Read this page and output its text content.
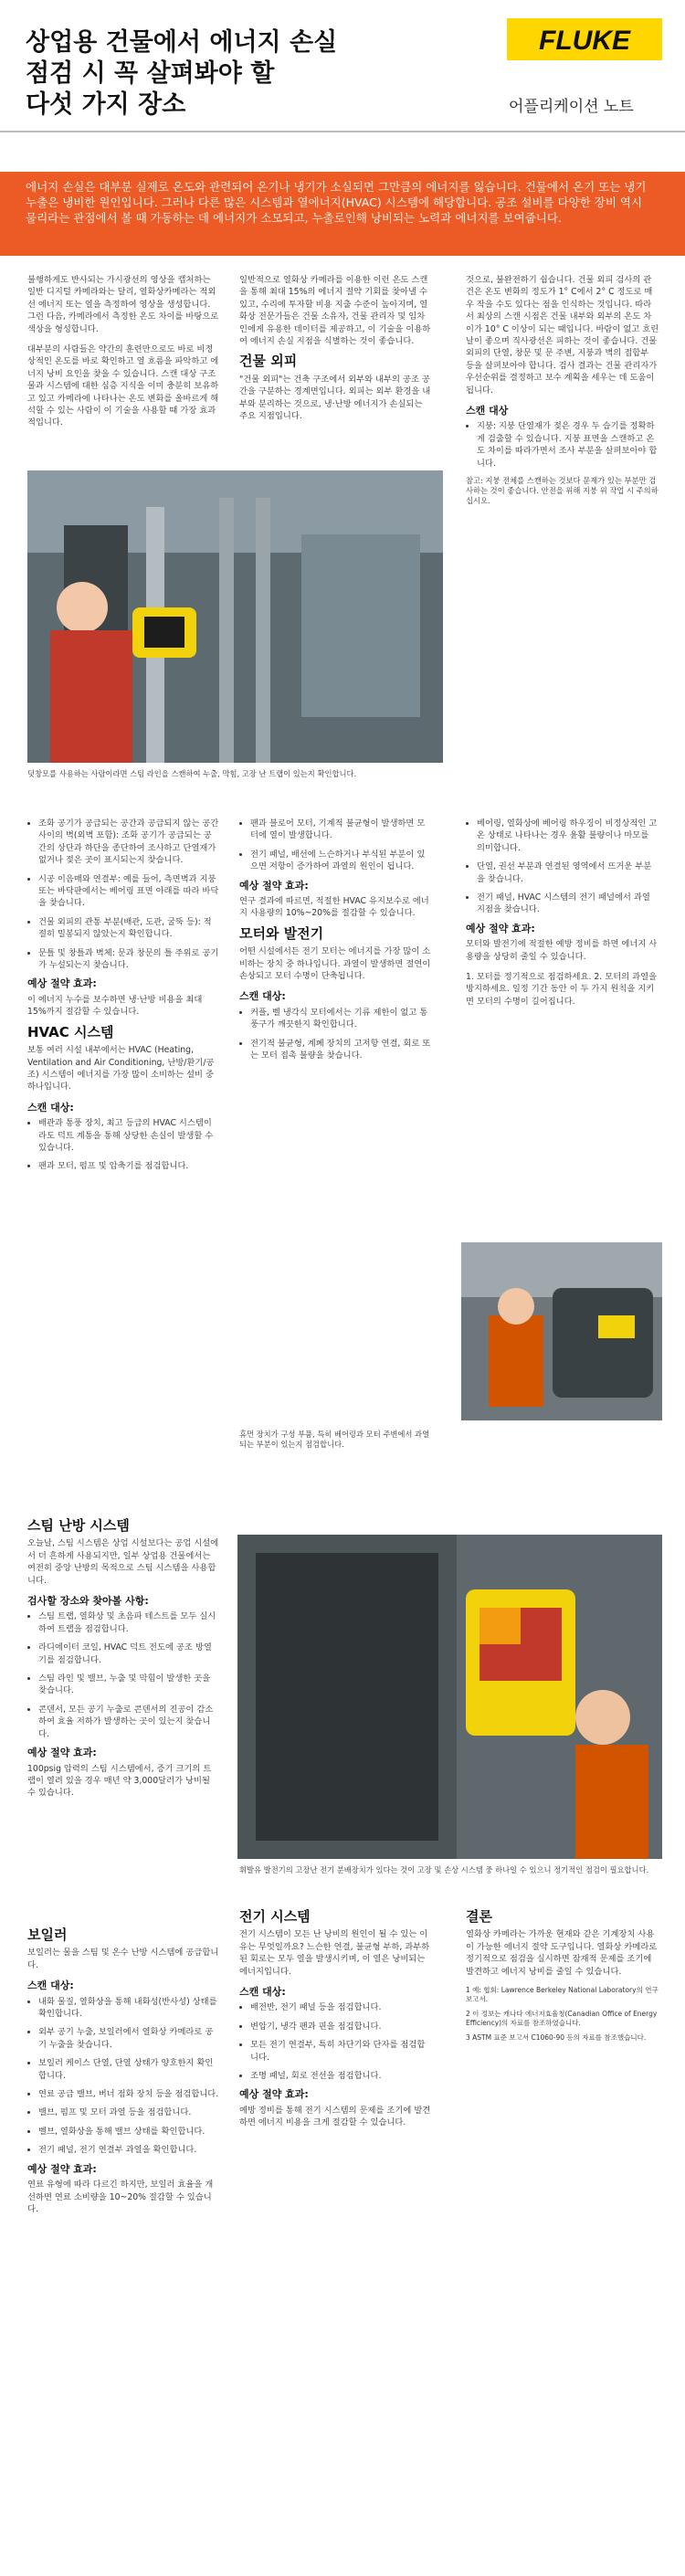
상업용 건물에서 에너지 손실
점검 시 꼭 살펴봐야 할
다섯 가지 장소
FLUKE
어플리케이션 노트
에너지 손실은 대부분 실제로 온도와 관련되어 온기나 냉기가 소실되면 그만큼의 에너지를 잃습니다. 건물에서 온기 또는 냉기 누출은 냉비한 원인입니다. 그러나 다른 많은 시스템과 열에너지(HVAC) 시스템에 해당합니다. 공조 설비를 다양한 장비 역시 물리라는 관점에서 볼 때 가동하는 데 에너지가 소모되고, 누출로인해 낭비되는 노력과 에너지를 보여줍니다.

불행하게도 반사되는 가시광선의 영상을 캡처하는 일반 디지털 카메라와는 달리, 열화상카메라는 적외선 에너지 또는 열을 측정하여 영상을 생성합니다. 그런 다음, 카메라에서 측정한 온도 차이를 바탕으로 색상을 형성합니다.

대부분의 사람들은 약간의 훈련만으로도 바로 비정상적인 온도를 바로 확인하고 열 흐름을 파악하고 에너지 낭비 요인을 찾을 수 있습니다. 스캔 대상 구조물과 시스템에 대한 심층 지식을 이미 충분히 보유하고 있고 카메라에 나타나는 온도 변화를 올바르게 해석할 수 있는 사람이 이 기술을 사용할 때 가장 효과적입니다.

일반적으로 열화상 카메라를 이용한 이런 온도 스캔을 통해 최대 15%의 에너지 절약 기회를 찾아낼 수 있고, 수리에 투자할 비용 지출 수준이 높아지며, 열화상 전문가들은 건물 소유자, 건물 관리자 및 임차인에게 유용한 데이터를 제공하고, 이 기술을 이용하여 에너지 손실 지점을 식별하는 것이 좋습니다.

건물 외피

"건물 외피"는 건축 구조에서 외부와 내부의 공조 공간을 구분하는 경계면입니다. 외피는 외부 환경을 내부와 분리하는 것으로, 냉·난방 에너지가 손실되는 주요 지점입니다.

것으로, 불완전하기 쉽습니다. 건물 외피 검사의 관건은 온도 변화의 정도가 1° C에서 2° C 정도로 매우 작을 수도 있다는 점을 인식하는 것입니다. 따라서 최상의 스캔 시점은 건물 내부와 외부의 온도 차이가 10° C 이상이 되는 때입니다. 바람이 없고 흐린 날이 좋으며 직사광선은 피하는 것이 좋습니다. 건물 외피의 단열, 창문 및 문 주변, 지붕과 벽의 접합부 등을 살펴보아야 합니다. 검사 결과는 건물 관리자가 우선순위를 결정하고 보수 계획을 세우는 데 도움이 됩니다.

스캔 대상
• 지붕: 지붕 단열재가 젖은 경우 두 습기를 정확하게 검출할 수 있습니다. 지붕 표면을 스캔하고 온도 차이를 따라가면서 조사 부분을 살펴보아야 합니다.

참고: 지붕 전체를 스캔하는 것보다 문제가 있는 부분만 검사하는 것이 좋습니다. 안전을 위해 지붕 위 작업 시 주의하십시오.

덧창모를 사용하는 사람이라면 스팀 라인을 스캔하여 누출, 막힘, 고장 난 트랩이 있는지 확인합니다.
• 조화 공기가 공급되는 공간과 공급되지 않는 공간 사이의 벽(외벽 포함): 조화 공기가 공급되는 공간의 상단과 하단을 종단하여 조사하고 단열재가 없거나 젖은 곳이 표시되는지 찾습니다.
• 시공 이음매와 연결부: 예를 들어, 측면벽과 지붕 또는 바닥판에서는 베어링 표면 아래를 따라 바닥을 찾습니다.
• 건물 외피의 관통 부분(배관, 도관, 굴뚝 등): 적절히 밀봉되지 않았는지 확인합니다.
• 문틀 및 창틀과 벽체: 문과 창문의 틀 주위로 공기가 누설되는지 찾습니다.
예상 절약 효과:

이 에너지 누수를 보수하면 냉·난방 비용을 최대 15%까지 절감할 수 있습니다.

HVAC 시스템

보통 여러 시설 내부에서는 HVAC (Heating, Ventilation and Air Conditioning, 난방/환기/공조) 시스템이 에너지를 가장 많이 소비하는 설비 중 하나입니다.

스캔 대상:
• 배관과 통풍 장치, 최고 등급의 HVAC 시스템이라도 덕트 계통을 통해 상당한 손실이 발생할 수 있습니다.
• 팬과 모터, 펌프 및 압축기를 점검합니다.
• 팬과 블로어 모터, 기계적 불균형이 발생하면 모터에 열이 발생합니다.
• 전기 패널, 배선에 느슨하거나 부식된 부분이 있으면 저항이 증가하여 과열의 원인이 됩니다.
예상 절약 효과:

연구 결과에 따르면, 적절한 HVAC 유지보수로 에너지 사용량의 10%~20%를 절감할 수 있습니다.

모터와 발전기

어떤 시설에서든 전기 모터는 에너지를 가장 많이 소비하는 장치 중 하나입니다. 과열이 발생하면 절연이 손상되고 모터 수명이 단축됩니다.

스캔 대상:
• 커플, 벨 냉각식 모터에서는 기류 제한이 없고 통풍구가 깨끗한지 확인합니다.
• 전기적 불균형, 계폐 장치의 고저항 연결, 회로 또는 모터 접촉 불량을 찾습니다.
• 베어링, 열화상에 베어링 하우징이 비정상적인 고온 상태로 나타나는 경우 윤활 불량이나 마모를 의미합니다.
• 단열, 권선 부분과 연결된 영역에서 뜨거운 부분을 찾습니다.
• 전기 패널, HVAC 시스템의 전기 패널에서 과열 지점을 찾습니다.
예상 절약 효과:

모터와 발전기에 적절한 예방 정비를 하면 에너지 사용량을 상당히 줄일 수 있습니다.

1. 모터를 정기적으로 점검하세요. 2. 모터의 과열을 방지하세요. 일정 기간 동안 이 두 가지 원칙을 지키면 모터의 수명이 길어집니다.

휴먼 장치가 구성 부품, 특히 베어링과 모터 주변에서 과열되는 부분이 있는지 점검합니다.
스팀 난방 시스템

오늘날, 스팀 시스템은 상업 시설보다는 공업 시설에서 더 흔하게 사용되지만, 일부 상업용 건물에서는 여전히 중앙 난방의 목적으로 스팀 시스템을 사용합니다.

검사할 장소와 찾아볼 사항:
• 스팀 트랩, 열화상 및 초음파 테스트를 모두 실시하여 트랩을 점검합니다.
• 라디에이터 코일, HVAC 덕트 전도에 공조 방열기를 점검합니다.
• 스팀 라인 및 밸브, 누출 및 막힘이 발생한 곳을 찾습니다.
• 콘덴서, 모든 공기 누출로 콘덴서의 진공이 감소하여 효율 저하가 발생하는 곳이 있는지 찾습니다.
예상 절약 효과:

100psig 압력의 스팀 시스템에서, 증기 크기의 트랩이 열려 있을 경우 매년 약 3,000달러가 낭비될 수 있습니다.

휘발유 발전기의 고장난 전기 분배장치가 있다는 것이 고장 및 손상 시스템 중 하나일 수 있으니 정기적인 점검이 필요합니다.
보일러

보일러는 물을 스팀 및 온수 난방 시스템에 공급합니다.

스캔 대상:
• 내화 물질, 열화상을 통해 내화성(반사성) 상태를 확인합니다.
• 외부 공기 누출, 보일러에서 열화상 카메라로 공기 누출을 찾습니다.
• 보일러 케이스 단열, 단열 상태가 양호한지 확인합니다.
• 연료 공급 밸브, 버너 점화 장치 등을 점검합니다.
• 밸브, 펌프 및 모터 과열 등을 점검합니다.
• 벨브, 열화상을 통해 밸브 상태를 확인합니다.
• 전기 패널, 전기 연결부 과열을 확인합니다.
예상 절약 효과:

연료 유형에 따라 다르긴 하지만, 보일러 효율을 개선하면 연료 소비량을 10~20% 절감할 수 있습니다.

전기 시스템

전기 시스템이 모든 난 낭비의 원인이 될 수 있는 이유는 무엇일까요? 느슨한 연결, 불균형 부하, 과부하된 회로는 모두 열을 발생시키며, 이 열은 낭비되는 에너지입니다.

스캔 대상:
• 배전반, 전기 패널 등을 점검합니다.
• 변압기, 냉각 팬과 핀을 점검합니다.
• 모든 전기 연결부, 특히 차단기와 단자를 점검합니다.
• 조명 패널, 회로 전선을 점검합니다.
예상 절약 효과:

예방 정비를 통해 전기 시스템의 문제를 조기에 발견하면 에너지 비용을 크게 절감할 수 있습니다.

결론

열화상 카메라는 가까운 현재와 같은 기계장치 사용이 가능한 에너지 절약 도구입니다. 열화상 카메라로 정기적으로 점검을 실시하면 잠재적 문제를 조기에 발견하고 에너지 낭비를 줄일 수 있습니다.

1 예: 협회: Lawrence Berkeley National Laboratory의 연구 보고서.
2 이 정보는 캐나다 에너지효율청(Canadian Office of Energy Efficiency)의 자료를 참조하였습니다.
3 ASTM 표준 보고서 C1060-90 등의 자료를 참조했습니다.
